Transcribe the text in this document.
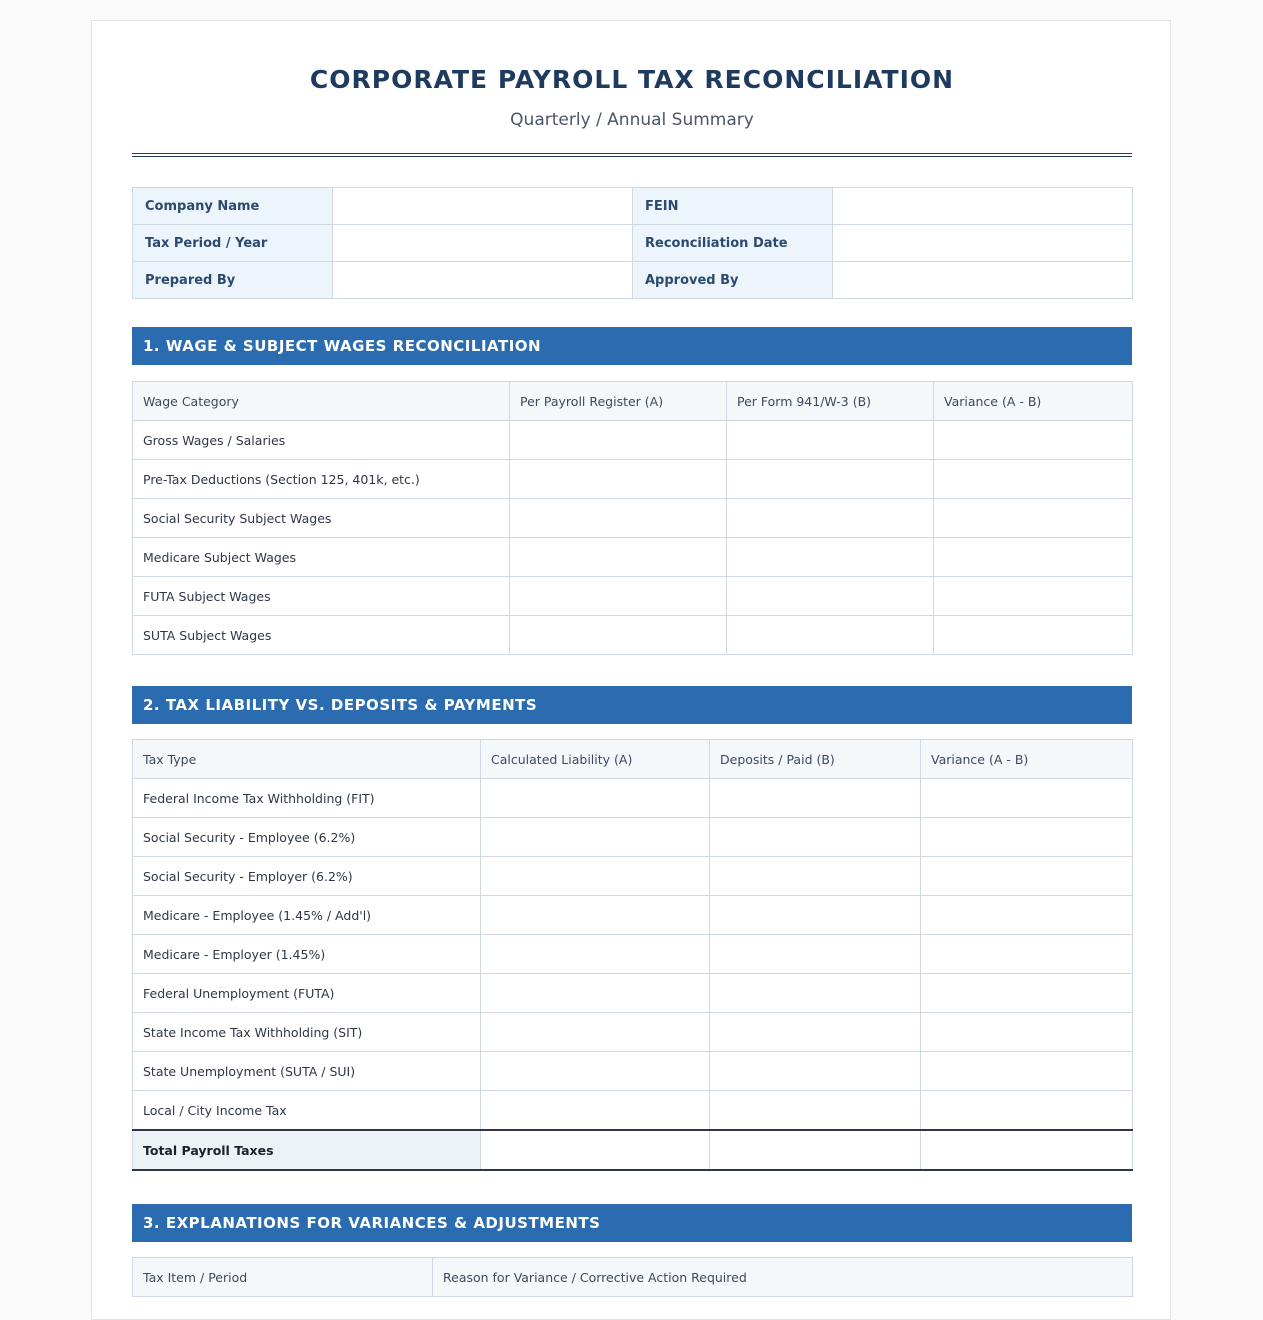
CORPORATE PAYROLL TAX RECONCILIATION
Quarterly / Annual Summary
Company Name		FEIN	
Tax Period / Year		Reconciliation Date	
Prepared By		Approved By	
1. WAGE & SUBJECT WAGES RECONCILIATION
Wage Category	Per Payroll Register (A)	Per Form 941/W-3 (B)	Variance (A - B)
Gross Wages / Salaries			
Pre-Tax Deductions (Section 125, 401k, etc.)			
Social Security Subject Wages			
Medicare Subject Wages			
FUTA Subject Wages			
SUTA Subject Wages			
2. TAX LIABILITY VS. DEPOSITS & PAYMENTS
Tax Type	Calculated Liability (A)	Deposits / Paid (B)	Variance (A - B)
Federal Income Tax Withholding (FIT)			
Social Security - Employee (6.2%)			
Social Security - Employer (6.2%)			
Medicare - Employee (1.45% / Add'l)			
Medicare - Employer (1.45%)			
Federal Unemployment (FUTA)			
State Income Tax Withholding (SIT)			
State Unemployment (SUTA / SUI)			
Local / City Income Tax			
Total Payroll Taxes			
3. EXPLANATIONS FOR VARIANCES & ADJUSTMENTS
Tax Item / Period	Reason for Variance / Corrective Action Required
